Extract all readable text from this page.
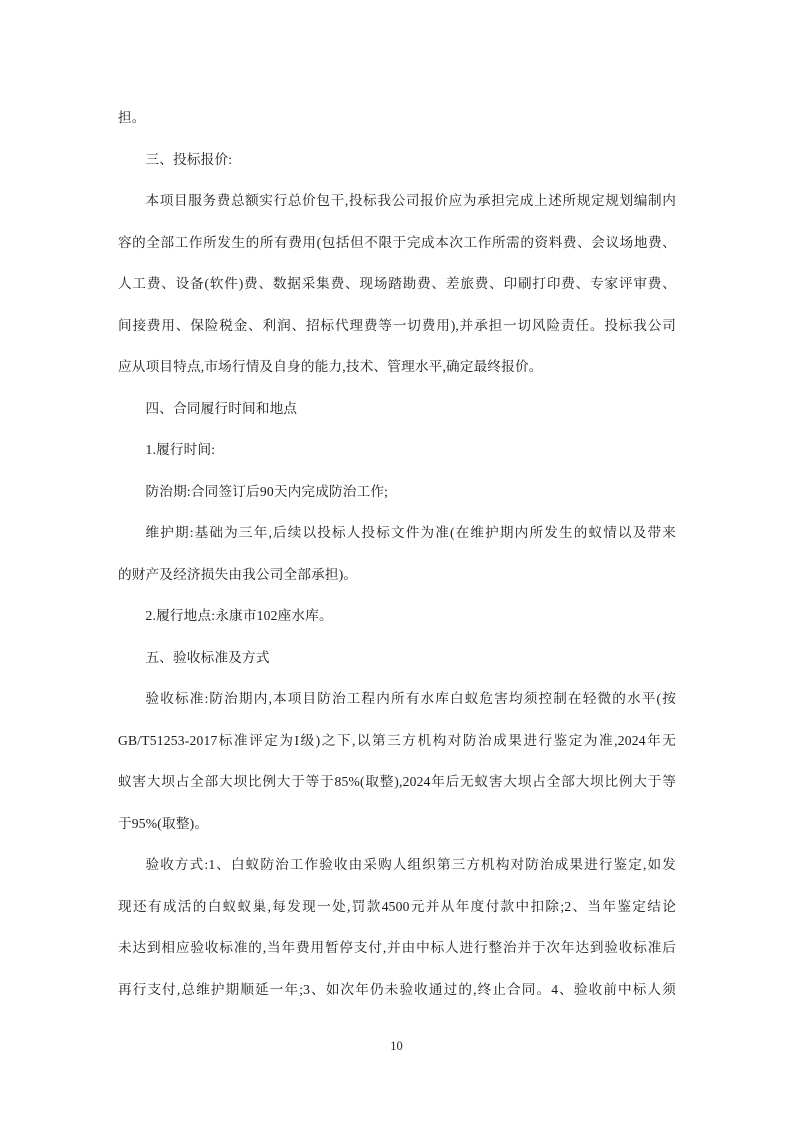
担。
三、投标报价:
本项目服务费总额实行总价包干,投标我公司报价应为承担完成上述所规定规划编制内
容的全部工作所发生的所有费用(包括但不限于完成本次工作所需的资料费、会议场地费、
人工费、设备(软件)费、数据采集费、现场踏勘费、差旅费、印刷打印费、专家评审费、
间接费用、保险税金、利润、招标代理费等一切费用),并承担一切风险责任。投标我公司
应从项目特点,市场行情及自身的能力,技术、管理水平,确定最终报价。
四、合同履行时间和地点
1.履行时间:
防治期:合同签订后90天内完成防治工作;
维护期:基础为三年,后续以投标人投标文件为准(在维护期内所发生的蚁情以及带来
的财产及经济损失由我公司全部承担)。
2.履行地点:永康市102座水库。
五、验收标准及方式
验收标准:防治期内,本项目防治工程内所有水库白蚁危害均须控制在轻微的水平(按
GB/T51253-2017标准评定为I级)之下,以第三方机构对防治成果进行鉴定为准,2024年无
蚁害大坝占全部大坝比例大于等于85%(取整),2024年后无蚁害大坝占全部大坝比例大于等
于95%(取整)。
验收方式:1、白蚁防治工作验收由采购人组织第三方机构对防治成果进行鉴定,如发
现还有成活的白蚁蚁巢,每发现一处,罚款4500元并从年度付款中扣除;2、当年鉴定结论
未达到相应验收标准的,当年费用暂停支付,并由中标人进行整治并于次年达到验收标准后
再行支付,总维护期顺延一年;3、如次年仍未验收通过的,终止合同。4、验收前中标人须
10
